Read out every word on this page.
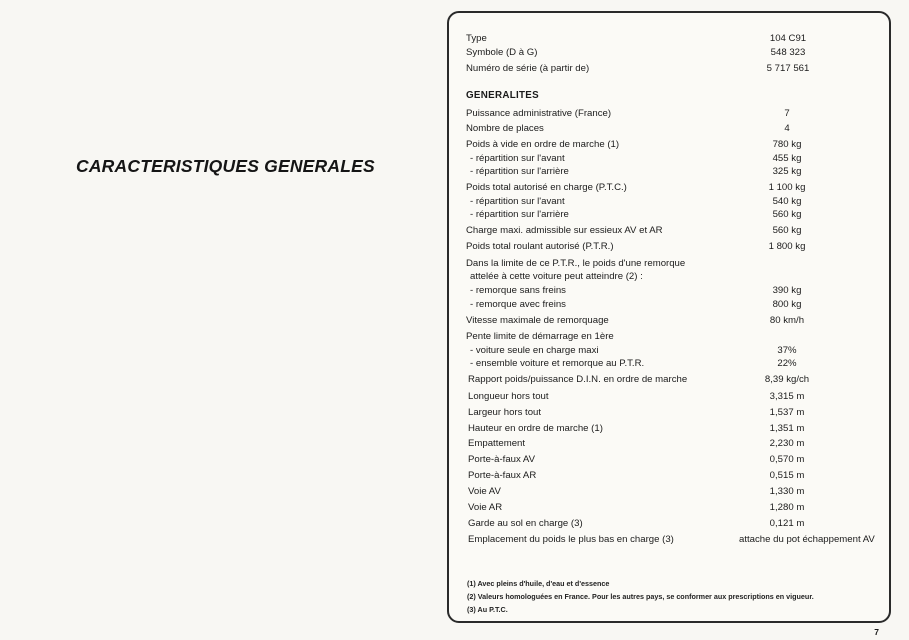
CARACTERISTIQUES GENERALES
Type	104 C91
Symbole (D à G)	548 323
Numéro de série (à partir de)	5 717 561
GENERALITES
Puissance administrative (France)	7
Nombre de places	4
Poids à vide en ordre de marche (1)	780 kg
- répartition sur l'avant	455 kg
- répartition sur l'arrière	325 kg
Poids total autorisé en charge (P.T.C.)	1 100 kg
- répartition sur l'avant	540 kg
- répartition sur l'arrière	560 kg
Charge maxi. admissible sur essieux AV et AR	560 kg
Poids total roulant autorisé (P.T.R.)	1 800 kg
Dans la limite de ce P.T.R., le poids d'une remorque
attelée à cette voiture peut atteindre (2) :
- remorque sans freins	390 kg
- remorque avec freins	800 kg
Vitesse maximale de remorquage	80 km/h
Pente limite de démarrage en 1ère
- voiture seule en charge maxi	37%
- ensemble voiture et remorque au P.T.R.	22%
Rapport poids/puissance D.I.N. en ordre de marche	8,39 kg/ch
Longueur hors tout	3,315 m
Largeur hors tout	1,537 m
Hauteur en ordre de marche (1)	1,351 m
Empattement	2,230 m
Porte-à-faux AV	0,570 m
Porte-à-faux AR	0,515 m
Voie AV	1,330 m
Voie AR	1,280 m
Garde au sol en charge (3)	0,121 m
Emplacement du poids le plus bas en charge (3)	attache du pot échappement AV
(1) Avec pleins d'huile, d'eau et d'essence
(2) Valeurs homologuées en France. Pour les autres pays, se conformer aux prescriptions en vigueur.
(3) Au P.T.C.
7
